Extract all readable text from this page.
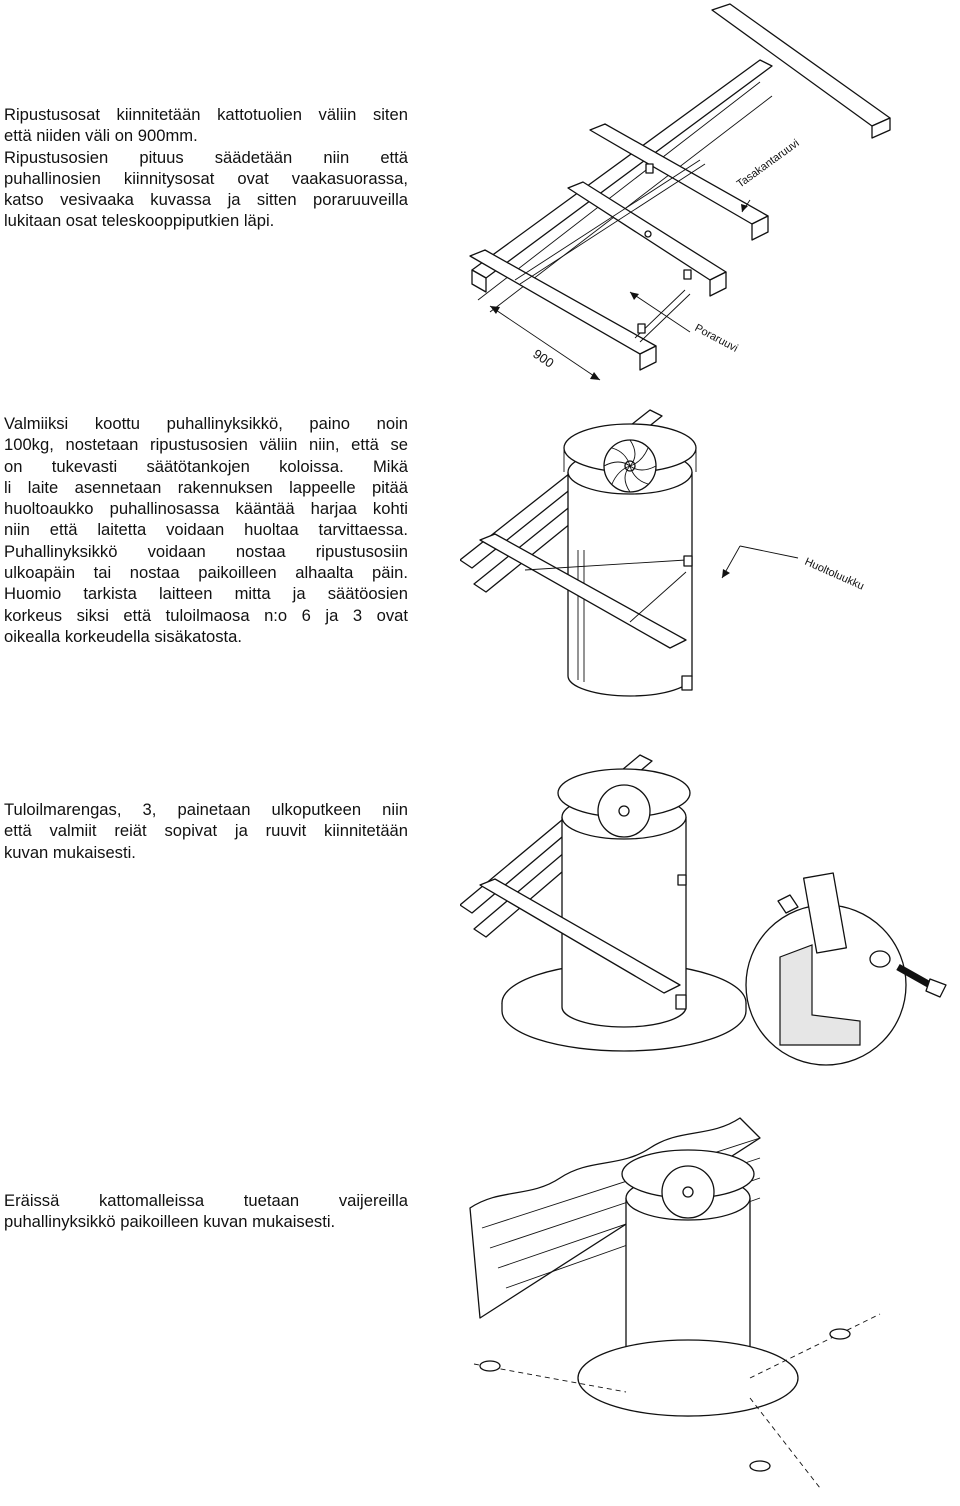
Ripustusosat kiinnitetään kattotuolien väliin siten
että niiden väli on 900mm.
Ripustusosien pituus säädetään niin että
puhallinosien kiinnitysosat ovat vaakasuorassa,
katso vesivaaka kuvassa ja sitten poraruuveilla
lukitaan osat teleskooppiputkien läpi.
Valmiiksi koottu puhallinyksikkö, paino noin
100kg, nostetaan ripustusosien väliin niin, että se
on tukevasti säätötankojen koloissa. Mikä
li laite asennetaan rakennuksen lappeelle pitää
huoltoaukko puhallinosassa kääntää harjaa kohti
niin että laitetta voidaan huoltaa tarvittaessa.
Puhallinyksikkö voidaan nostaa ripustusosiin
ulkoapäin tai nostaa paikoilleen alhaalta päin.
Huomio tarkista laitteen mitta ja säätöosien
korkeus siksi että tuloilmaosa n:o 6 ja 3 ovat
oikealla korkeudella sisäkatosta.
Tuloilmarengas, 3, painetaan ulkoputkeen niin
että valmiit reiät sopivat ja ruuvit kiinnitetään
kuvan mukaisesti.
Eräissä kattomalleissa tuetaan vaijereilla
puhallinyksikkö paikoilleen kuvan mukaisesti.
900
Tasakantaruuvi
Poraruuvi
Huoltoluukku
